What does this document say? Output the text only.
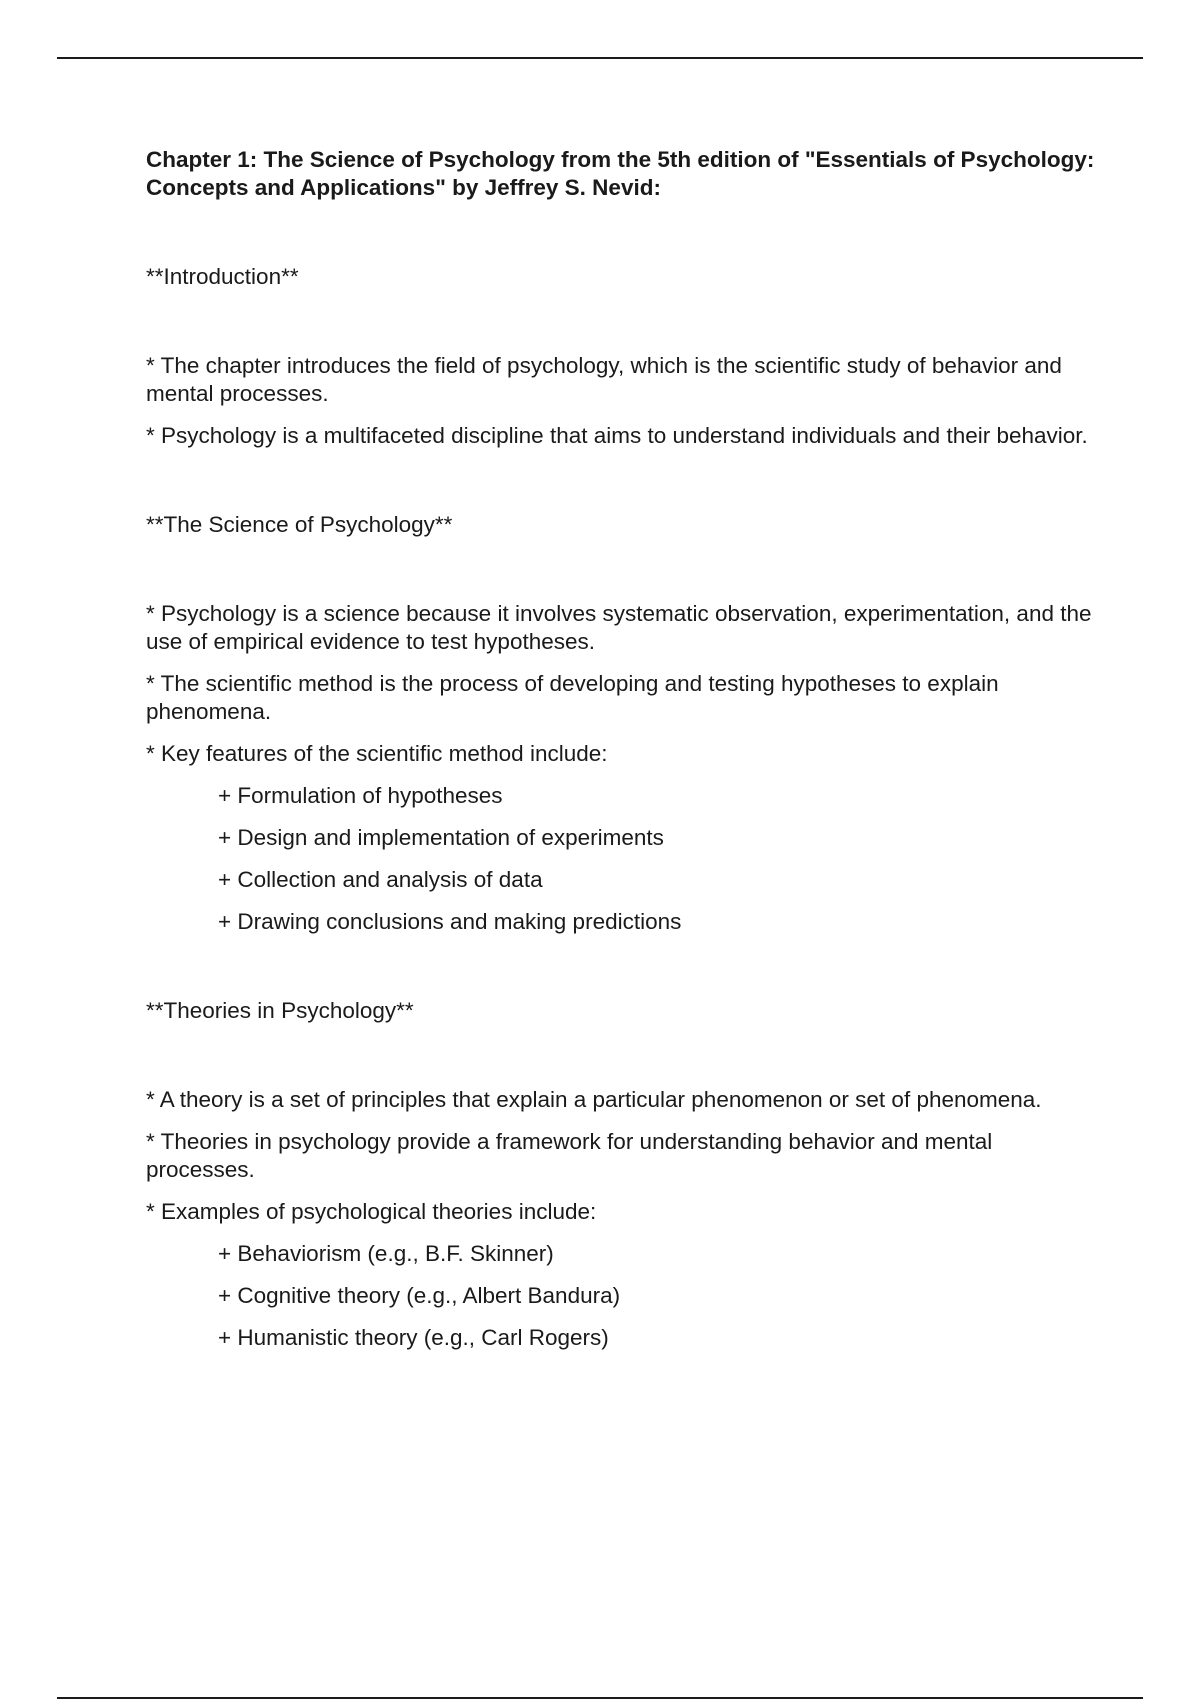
Chapter 1: The Science of Psychology from the 5th edition of "Essentials of Psychology: Concepts and Applications" by Jeffrey S. Nevid:

**Introduction**

* The chapter introduces the field of psychology, which is the scientific study of behavior and mental processes.

* Psychology is a multifaceted discipline that aims to understand individuals and their behavior.

**The Science of Psychology**

* Psychology is a science because it involves systematic observation, experimentation, and the use of empirical evidence to test hypotheses.

* The scientific method is the process of developing and testing hypotheses to explain phenomena.

* Key features of the scientific method include:

+ Formulation of hypotheses

+ Design and implementation of experiments

+ Collection and analysis of data

+ Drawing conclusions and making predictions

**Theories in Psychology**

* A theory is a set of principles that explain a particular phenomenon or set of phenomena.

* Theories in psychology provide a framework for understanding behavior and mental processes.

* Examples of psychological theories include:

+ Behaviorism (e.g., B.F. Skinner)

+ Cognitive theory (e.g., Albert Bandura)

+ Humanistic theory (e.g., Carl Rogers)
